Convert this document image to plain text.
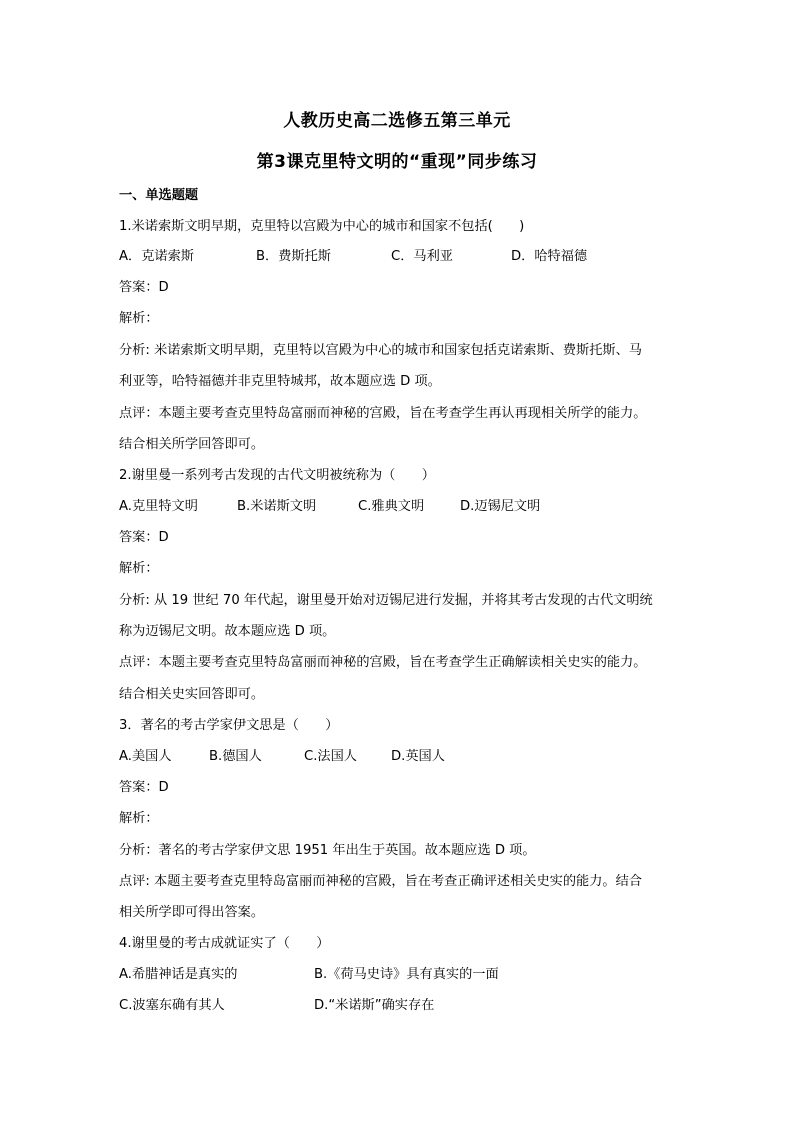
人教历史高二选修五第三单元
第3课克里特文明的“重现”同步练习
一、单选题题
1.米诺索斯文明早期，克里特以宫殿为中心的城市和国家不包括(　　)
A．克诺索斯	B．费斯托斯	C．马利亚	D．哈特福德
答案：D
解析：
分析: 米诺索斯文明早期，克里特以宫殿为中心的城市和国家包括克诺索斯、费斯托斯、马
利亚等，哈特福德并非克里特城邦，故本题应选 D 项。
点评：本题主要考查克里特岛富丽而神秘的宫殿，旨在考查学生再认再现相关所学的能力。
结合相关所学回答即可。
2.谢里曼一系列考古发现的古代文明被统称为（　　）
A.克里特文明	B.米诺斯文明	C.雅典文明	D.迈锡尼文明
答案：D
解析：
分析: 从 19 世纪 70 年代起，谢里曼开始对迈锡尼进行发掘，并将其考古发现的古代文明统
称为迈锡尼文明。故本题应选 D 项。
点评：本题主要考查克里特岛富丽而神秘的宫殿，旨在考查学生正确解读相关史实的能力。
结合相关史实回答即可。
3．著名的考古学家伊文思是（　　）
A.美国人	B.德国人	C.法国人	D.英国人
答案：D
解析：
分析：著名的考古学家伊文思 1951 年出生于英国。故本题应选 D 项。
点评: 本题主要考查克里特岛富丽而神秘的宫殿，旨在考查正确评述相关史实的能力。结合
相关所学即可得出答案。
4.谢里曼的考古成就证实了（　　）
A.希腊神话是真实的	B.《荷马史诗》具有真实的一面
C.波塞东确有其人	D.“米诺斯”确实存在
